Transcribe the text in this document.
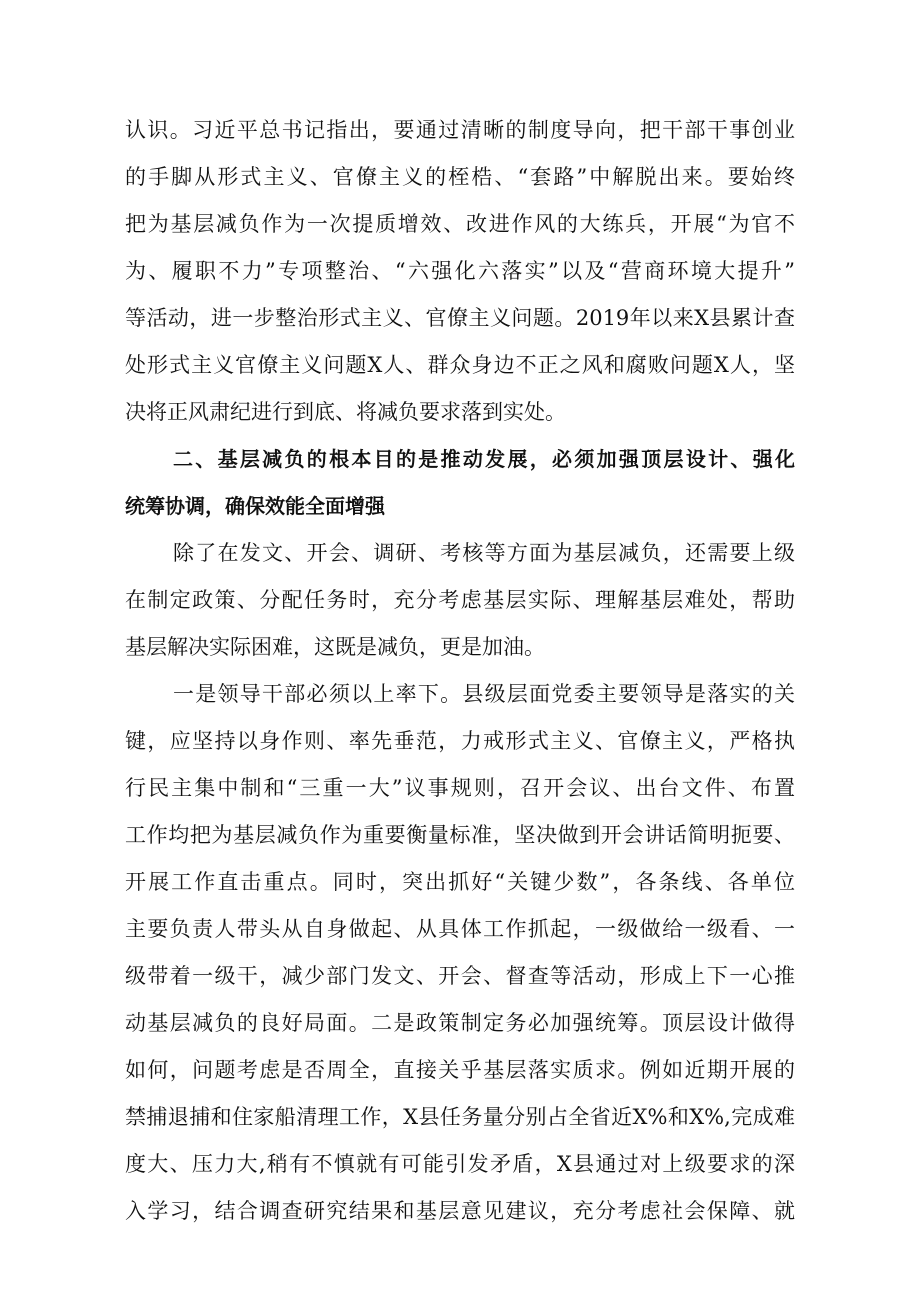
认识。习近平总书记指出，要通过清晰的制度导向，把干部干事创业
的手脚从形式主义、官僚主义的桎梏、“套路”中解脱出来。要始终
把为基层减负作为一次提质增效、改进作风的大练兵，开展“为官不
为、履职不力”专项整治、“六强化六落实”以及“营商环境大提升”
等活动，进一步整治形式主义、官僚主义问题。2019年以来X县累计查
处形式主义官僚主义问题X人、群众身边不正之风和腐败问题X人，坚
决将正风肃纪进行到底、将减负要求落到实处。
二、基层减负的根本目的是推动发展，必须加强顶层设计、强化
统筹协调，确保效能全面增强
除了在发文、开会、调研、考核等方面为基层减负，还需要上级
在制定政策、分配任务时，充分考虑基层实际、理解基层难处，帮助
基层解决实际困难，这既是减负，更是加油。
一是领导干部必须以上率下。县级层面党委主要领导是落实的关
键，应坚持以身作则、率先垂范，力戒形式主义、官僚主义，严格执
行民主集中制和“三重一大”议事规则，召开会议、出台文件、布置
工作均把为基层减负作为重要衡量标准，坚决做到开会讲话简明扼要、
开展工作直击重点。同时，突出抓好“关键少数”，各条线、各单位
主要负责人带头从自身做起、从具体工作抓起，一级做给一级看、一
级带着一级干，减少部门发文、开会、督查等活动，形成上下一心推
动基层减负的良好局面。二是政策制定务必加强统筹。顶层设计做得
如何，问题考虑是否周全，直接关乎基层落实质求。例如近期开展的
禁捕退捕和住家船清理工作，X县任务量分别占全省近X%和X%,完成难
度大、压力大,稍有不慎就有可能引发矛盾，X县通过对上级要求的深
入学习，结合调查研究结果和基层意见建议，充分考虑社会保障、就
